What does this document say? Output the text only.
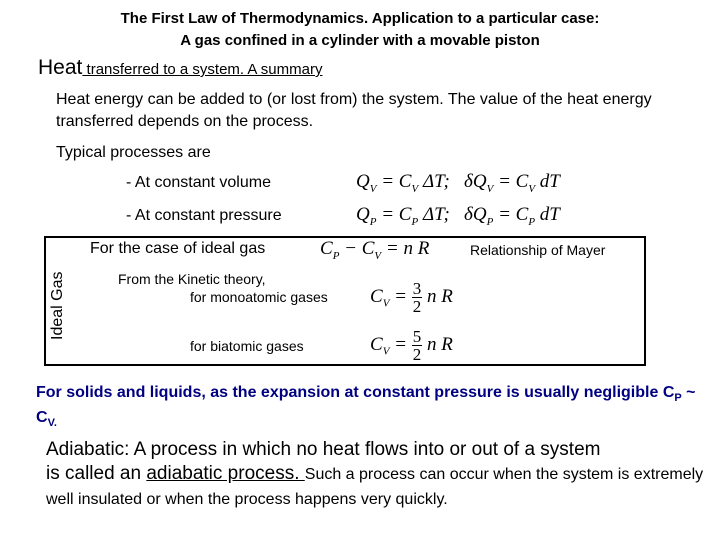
The First Law of Thermodynamics. Application to a particular case:
A gas confined in a cylinder with a movable piston
Heat transferred to a system. A summary
Heat energy can be added to (or lost from) the system. The value of the heat energy transferred depends on the process.
Typical processes are
- At constant volume	$Q_V = C_V$ ΔT;   $\delta Q_V = C_V$ dT
- At constant pressure	$Q_P = C_P$ ΔT;   $\delta Q_P = C_P$ dT
Ideal Gas
For the case of ideal gas	$C_P - C_V = n$ R	Relationship of Mayer
From the Kinetic theory,
for monoatomic gases $C_V = \frac{3}{2}$ n R
for biatomic gases	$C_V = \frac{5}{2}$ n R
For solids and liquids, as the expansion at constant pressure is usually negligible $C_P$ ~ $C_{V.}$
Adiabatic: A process in which no heat flows into or out of a system
is called an adiabatic process. Such a process can occur when the system is extremely well insulated or when the process happens very quickly.
